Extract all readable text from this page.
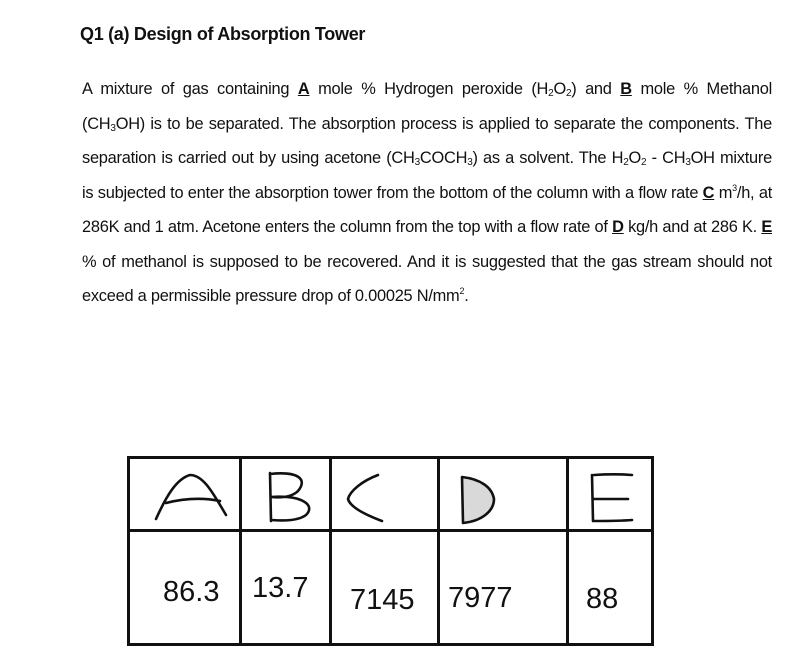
Q1 (a) Design of Absorption Tower
A mixture of gas containing A mole % Hydrogen peroxide $(H_2O_2)$ and B mole % Methanol $(CH_3OH)$ is to be separated. The absorption process is applied to separate the components. The separation is carried out by using acetone $(CH_3COCH_3)$ as a solvent. The $H_2O_2 - CH_3OH$ mixture is subjected to enter the absorption tower from the bottom of the column with a flow rate C $m^3/h$, at 286K and 1 atm. Acetone enters the column from the top with a flow rate of D kg/h and at 286 K. E % of methanol is supposed to be recovered. And it is suggested that the gas stream should not exceed a permissible pressure drop of 0.00025 $N/mm^2$.
86.3 13.7 7145 7977	88
